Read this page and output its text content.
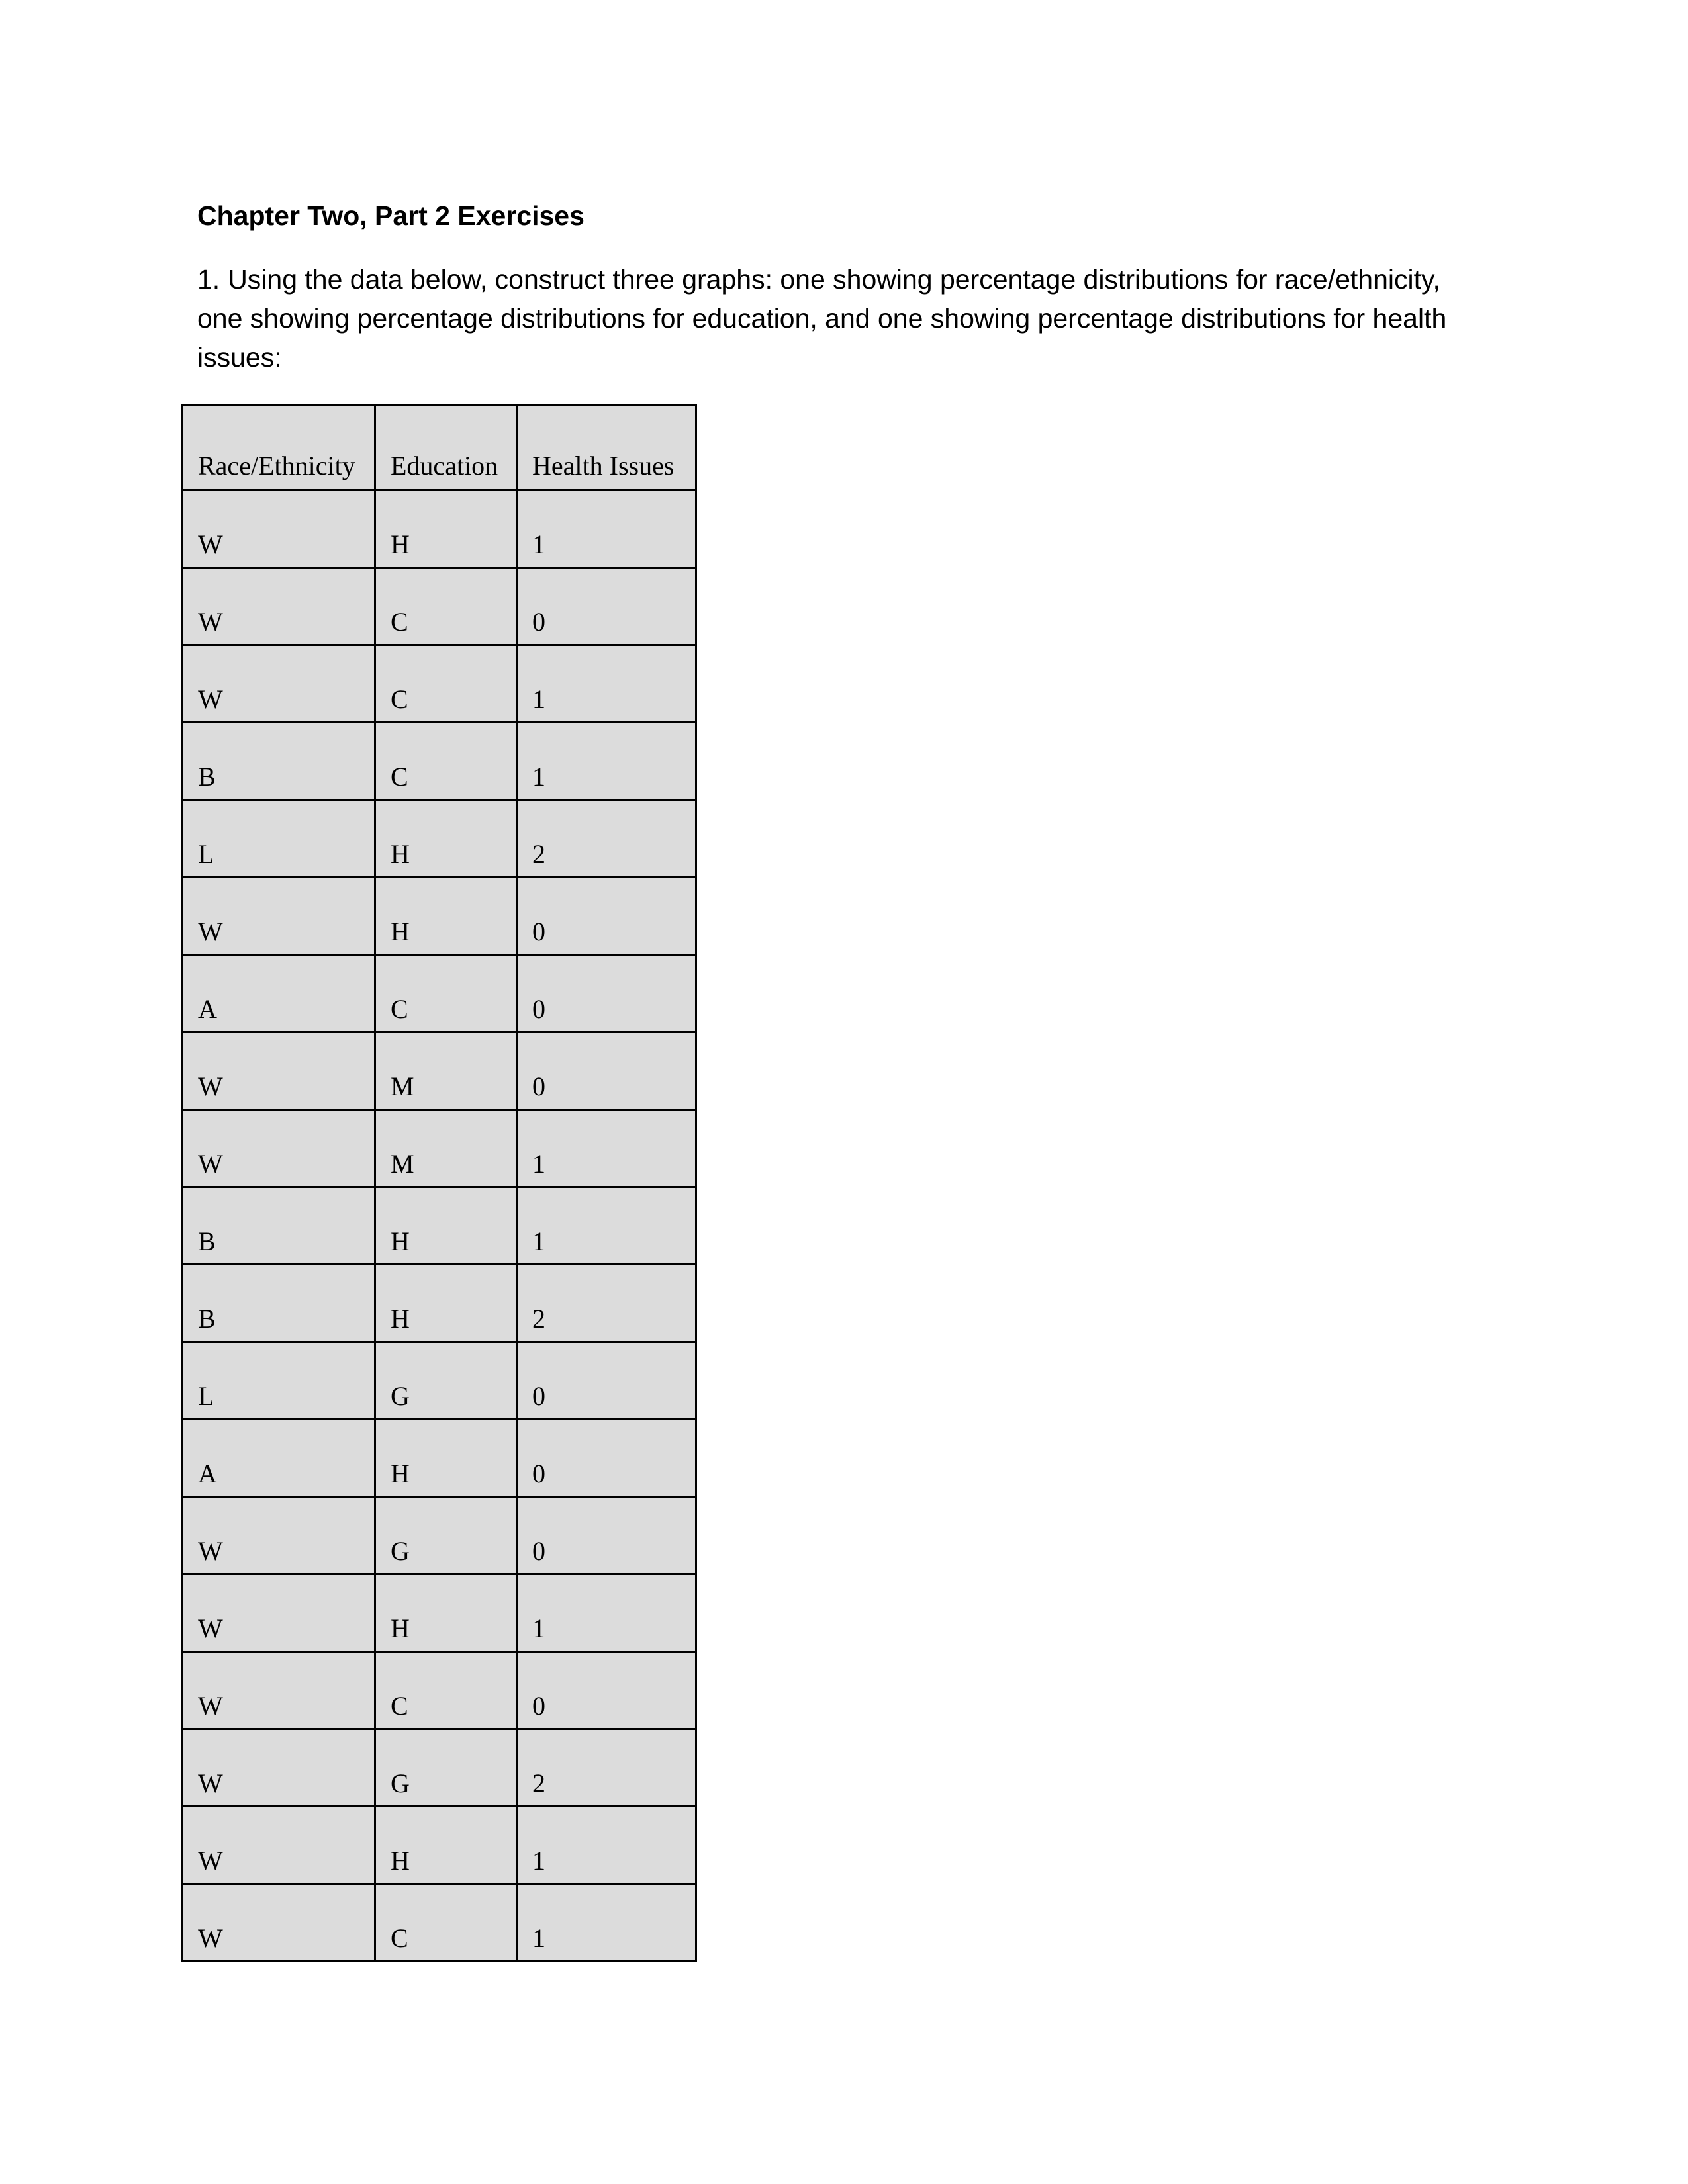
Chapter Two, Part 2 Exercises
1. Using the data below, construct three graphs: one showing percentage distributions for race/ethnicity, one showing percentage distributions for education, and one showing percentage distributions for health issues:
Race/Ethnicity	Education	Health Issues
W	H	1
W	C	0
W	C	1
B	C	1
L	H	2
W	H	0
A	C	0
W	M	0
W	M	1
B	H	1
B	H	2
L	G	0
A	H	0
W	G	0
W	H	1
W	C	0
W	G	2
W	H	1
W	C	1
